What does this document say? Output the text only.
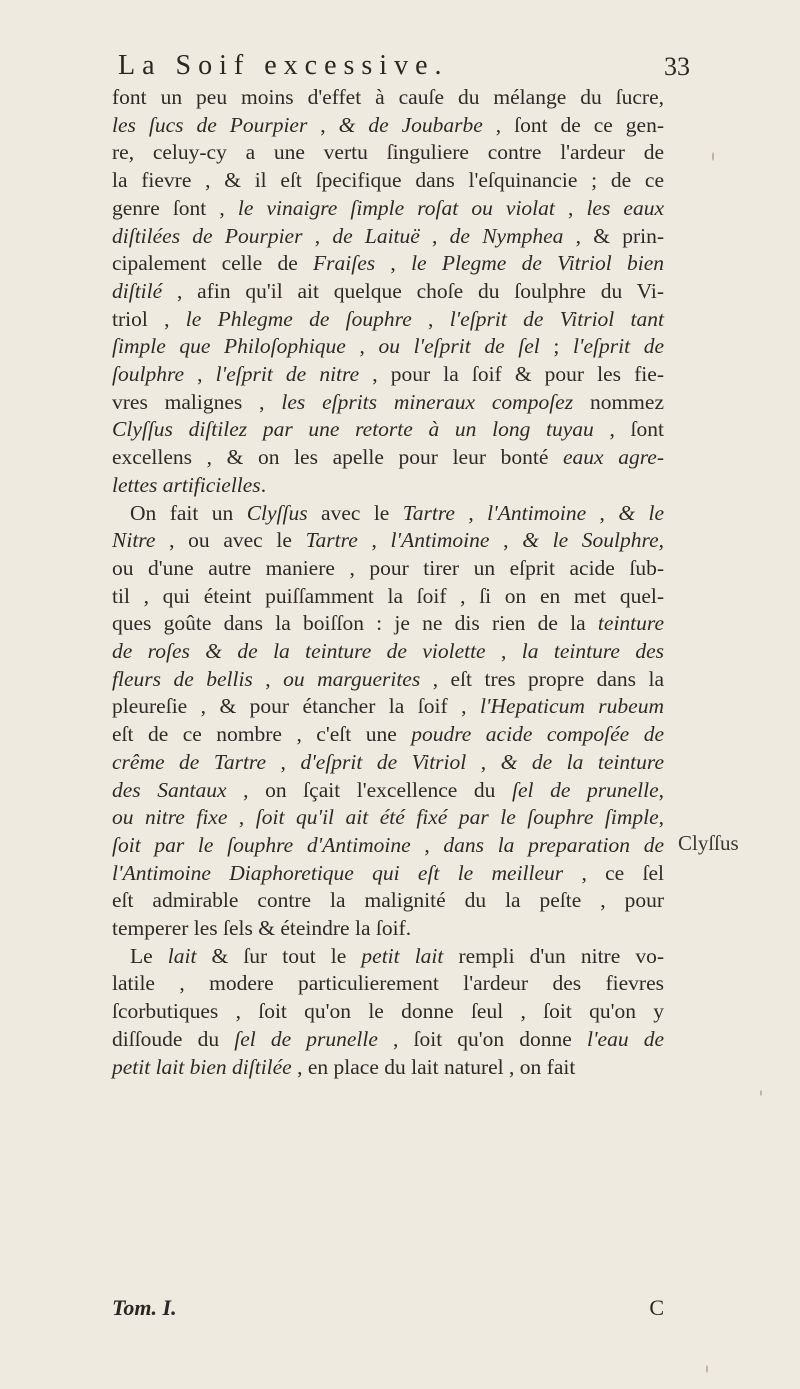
La Soif excessive.	33
font un peu moins d'effet à cauſe du mélange du ſucre,
les ſucs de Pourpier , & de Joubarbe , ſont de ce gen-
re, celuy-cy a une vertu ſinguliere contre l'ardeur de
la fievre , & il eſt ſpecifique dans l'eſquinancie ; de ce
genre ſont , le vinaigre ſimple roſat ou violat , les eaux
diſtilées de Pourpier , de Laituë , de Nymphea , & prin-
cipalement celle de Fraiſes , le Plegme de Vitriol bien
diſtilé , afin qu'il ait quelque choſe du ſoulphre du Vi-
triol , le Phlegme de ſouphre , l'eſprit de Vitriol tant
ſimple que Philoſophique , ou l'eſprit de ſel ; l'eſprit de
ſoulphre , l'eſprit de nitre , pour la ſoif & pour les fie-
vres malignes , les eſprits mineraux compoſez nommez
Clyſſus diſtilez par une retorte à un long tuyau , ſont
excellens , & on les apelle pour leur bonté eaux agre-
lettes artificielles.
On fait un Clyſſus avec le Tartre , l'Antimoine , & le
Nitre , ou avec le Tartre , l'Antimoine , & le Soulphre,
ou d'une autre maniere , pour tirer un eſprit acide ſub-
til , qui éteint puiſſamment la ſoif , ſi on en met quel-
ques goûte dans la boiſſon : je ne dis rien de la teinture
de roſes & de la teinture de violette , la teinture des
fleurs de bellis , ou marguerites , eſt tres propre dans la
pleureſie , & pour étancher la ſoif , l'Hepaticum rubeum
eſt de ce nombre , c'eſt une poudre acide compoſée de
crême de Tartre , d'eſprit de Vitriol , & de la teinture
des Santaux , on ſçait l'excellence du ſel de prunelle,
ou nitre fixe , ſoit qu'il ait été fixé par le ſouphre ſimple,
ſoit par le ſouphre d'Antimoine , dans la preparation de
l'Antimoine Diaphoretique qui eſt le meilleur , ce ſel
eſt admirable contre la malignité du la peſte , pour
temperer les ſels & éteindre la ſoif.
Le lait & ſur tout le petit lait rempli d'un nitre vo-
latile , modere particulierement l'ardeur des fievres
ſcorbutiques , ſoit qu'on le donne ſeul , ſoit qu'on y
diſſoude du ſel de prunelle , ſoit qu'on donne l'eau de
petit lait bien diſtilée , en place du lait naturel , on fait
Clyſſus
Tom. I.	C
